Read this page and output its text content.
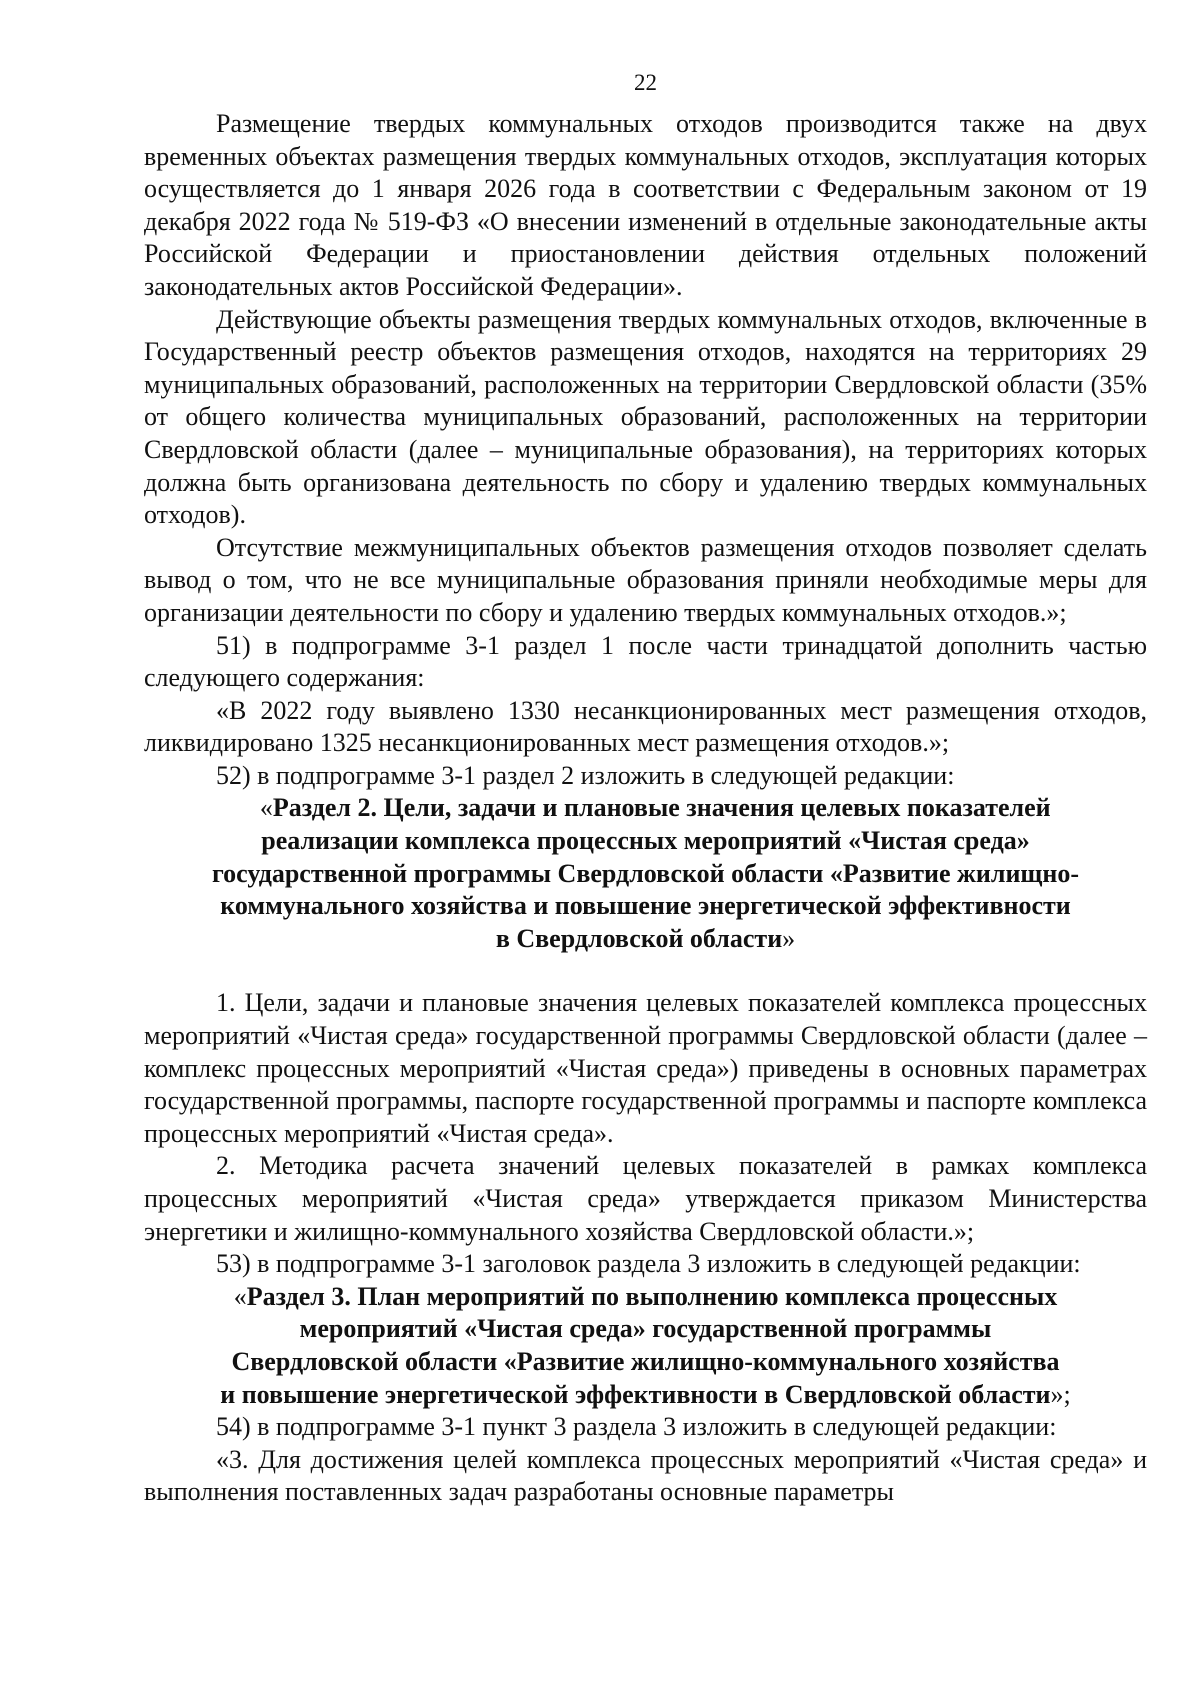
22

Размещение твердых коммунальных отходов производится также на двух временных объектах размещения твердых коммунальных отходов, эксплуатация которых осуществляется до 1 января 2026 года в соответствии с Федеральным законом от 19 декабря 2022 года № 519-ФЗ «О внесении изменений в отдельные законодательные акты Российской Федерации и приостановлении действия отдельных положений законодательных актов Российской Федерации».

Действующие объекты размещения твердых коммунальных отходов, включенные в Государственный реестр объектов размещения отходов, находятся на территориях 29 муниципальных образований, расположенных на территории Свердловской области (35% от общего количества муниципальных образований, расположенных на территории Свердловской области (далее – муниципальные образования), на территориях которых должна быть организована деятельность по сбору и удалению твердых коммунальных отходов).

Отсутствие межмуниципальных объектов размещения отходов позволяет сделать вывод о том, что не все муниципальные образования приняли необходимые меры для организации деятельности по сбору и удалению твердых коммунальных отходов.»;

51) в подпрограмме 3-1 раздел 1 после части тринадцатой дополнить частью следующего содержания:

«В 2022 году выявлено 1330 несанкционированных мест размещения отходов, ликвидировано 1325 несанкционированных мест размещения отходов.»;

52) в подпрограмме 3-1 раздел 2 изложить в следующей редакции:

«Раздел 2. Цели, задачи и плановые значения целевых показателей
реализации комплекса процессных мероприятий «Чистая среда»
государственной программы Свердловской области «Развитие жилищно-
коммунального хозяйства и повышение энергетической эффективности
в Свердловской области»

1. Цели, задачи и плановые значения целевых показателей комплекса процессных мероприятий «Чистая среда» государственной программы Свердловской области (далее – комплекс процессных мероприятий «Чистая среда») приведены в основных параметрах государственной программы, паспорте государственной программы и паспорте комплекса процессных мероприятий «Чистая среда».

2. Методика расчета значений целевых показателей в рамках комплекса процессных мероприятий «Чистая среда» утверждается приказом Министерства энергетики и жилищно-коммунального хозяйства Свердловской области.»;

53) в подпрограмме 3-1 заголовок раздела 3 изложить в следующей редакции:

«Раздел 3. План мероприятий по выполнению комплекса процессных
мероприятий «Чистая среда» государственной программы
Свердловской области «Развитие жилищно-коммунального хозяйства
и повышение энергетической эффективности в Свердловской области»;

54) в подпрограмме 3-1 пункт 3 раздела 3 изложить в следующей редакции:

«3. Для достижения целей комплекса процессных мероприятий «Чистая среда» и выполнения поставленных задач разработаны основные параметры
